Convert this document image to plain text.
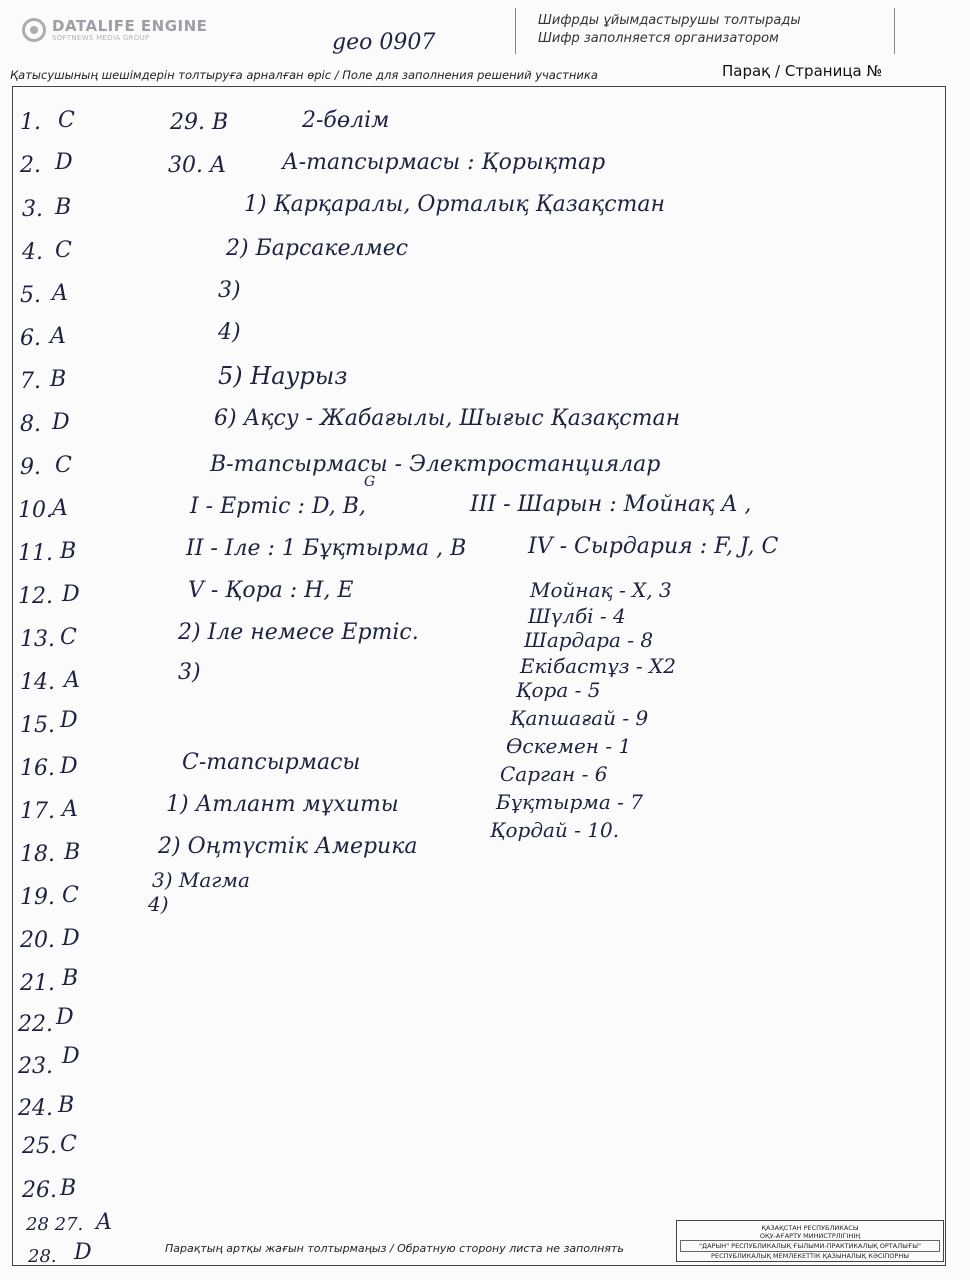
DATALIFE ENGINE
SOFTNEWS MEDIA GROUP	geo 0907
Шифрды ұйымдастырушы толтырады
Шифр заполняется организатором
Қатысушының шешімдерін толтыруға арналған өріс / Поле для заполнения решений участника	Парақ / Страница №
1. C
2. D
3. B
4. C
5. A
6. A
7. B
8. D
9. C
10. A
11. B
12. D
13. C
14. A
15. D
16. D
17. A
18. B
19. C
20. D
21. B
22. D
23. D
24. B
25. C
26. B
28 27. A
28. D
29. B
30. A
2-бөлім
А-тапсырмасы : Қорықтар
1) Қарқаралы, Орталық Қазақстан
2) Барсакелмес
3)
4)
5) Наурыз
6) Ақсу - Жабағылы, Шығыс Қазақстан
В-тапсырмасы - Электростанциялар
I - Ертіс : D, B,
G
III - Шарын : Мойнақ A ,
II - Іле : 1 Бұқтырма , B	IV - Сырдария : F, J, C
V - Қора : H, E
2) Іле немесе Ертіс.
3)
Мойнақ - X, 3
Шүлбі - 4
Шардара - 8
Екібастұз - X2
Қора - 5
Қапшағай - 9
Өскемен - 1
Сарган - 6
Бұқтырма - 7
Қордай - 10.
С-тапсырмасы
1) Атлант мұхиты
2) Оңтүстік Америка
3) Магма
4)
Парақтың артқы жағын толтырмаңыз / Обратную сторону листа не заполнять
ҚАЗАҚСТАН РЕСПУБЛИКАСЫ
ОҚУ-АҒАРТУ МИНИСТРЛІГІНІҢ
"ДАРЫН" РЕСПУБЛИКАЛЫҚ ҒЫЛЫМИ-ПРАКТИКАЛЫҚ ОРТАЛЫҒЫ"
РЕСПУБЛИКАЛЫҚ МЕМЛЕКЕТТІК ҚАЗЫНАЛЫҚ КӘСІПОРНЫ
